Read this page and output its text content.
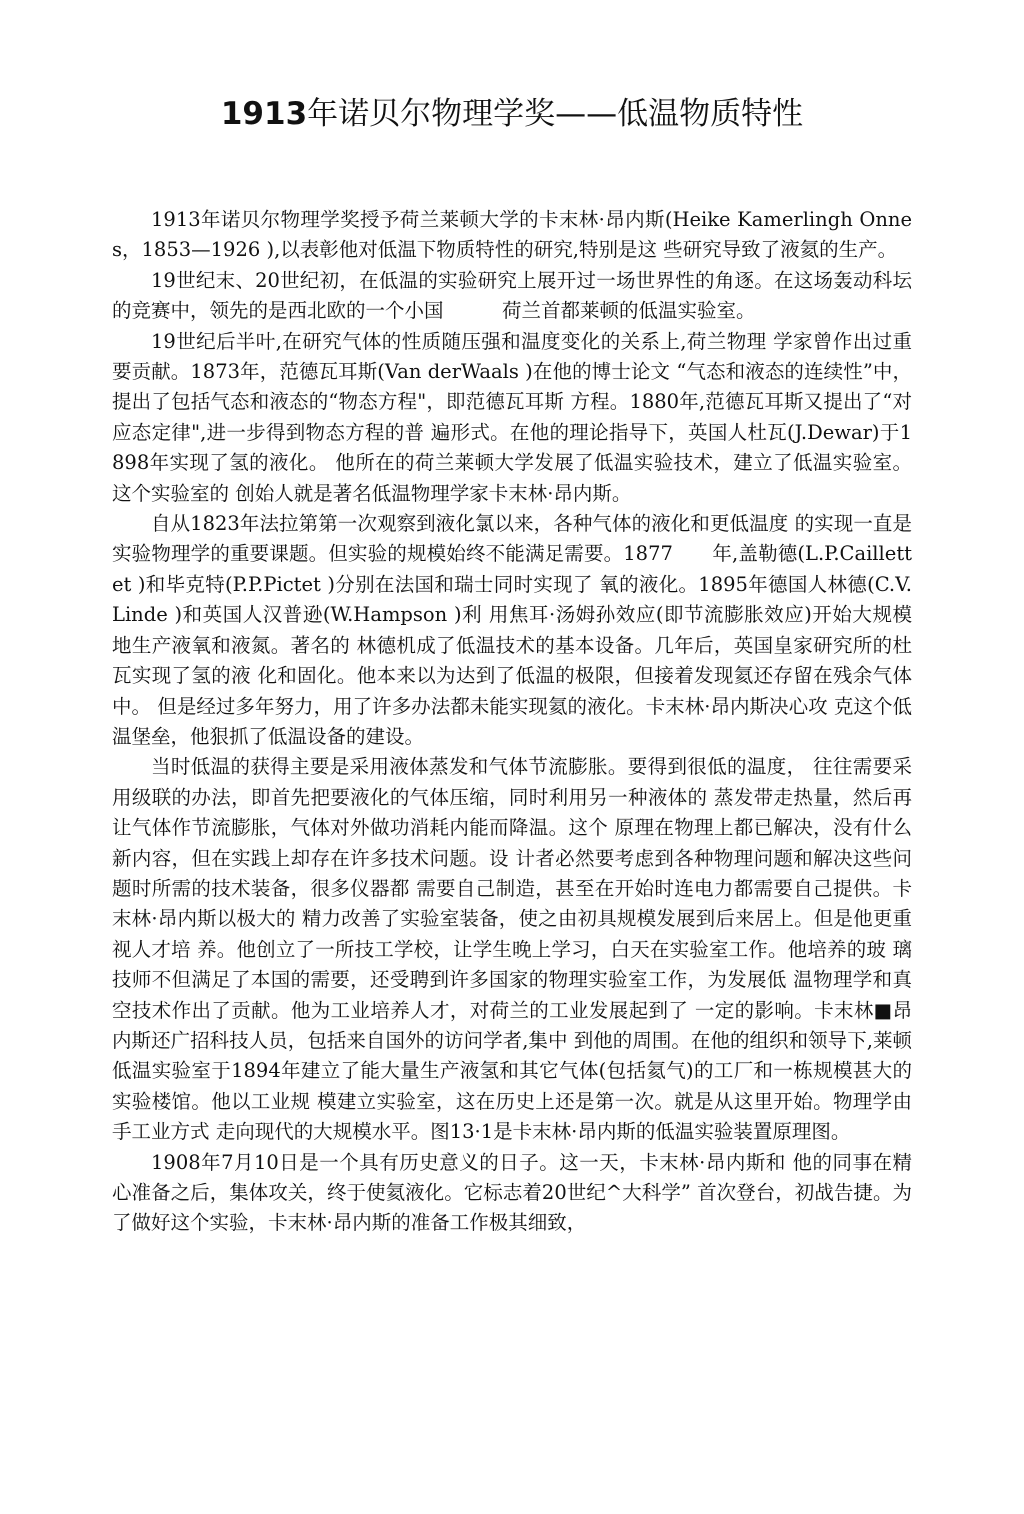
1913年诺贝尔物理学奖——低温物质特性

1913年诺贝尔物理学奖授予荷兰莱顿大学的卡末林·昂内斯(Heike Kamerlingh Onnes，1853—1926 ),以表彰他对低温下物质特性的研究,特别是这 些研究导致了液氦的生产。

19世纪末、20世纪初，在低温的实验研究上展开过一场世界性的角逐。在这场轰动科坛的竞赛中，领先的是西北欧的一个小国　　　荷兰首都莱顿的低温实验室。

19世纪后半叶,在研究气体的性质随压强和温度变化的关系上,荷兰物理 学家曾作出过重要贡献。1873年，范德瓦耳斯(Van derWaals )在他的博士论文 “气态和液态的连续性”中，提出了包括气态和液态的“物态方程"，即范德瓦耳斯 方程。1880年,范德瓦耳斯又提出了“对应态定律",进一步得到物态方程的普 遍形式。在他的理论指导下，英国人杜瓦(J.Dewar)于1898年实现了氢的液化。 他所在的荷兰莱顿大学发展了低温实验技术，建立了低温实验室。这个实验室的 创始人就是著名低温物理学家卡末林·昂内斯。

自从1823年法拉第第一次观察到液化氯以来，各种气体的液化和更低温度 的实现一直是实验物理学的重要课题。但实验的规模始终不能满足需要。1877　　年,盖勒德(L.P.Caillettet )和毕克特(P.P.Pictet )分别在法国和瑞士同时实现了 氧的液化。1895年德国人林德(C.V.Linde )和英国人汉普逊(W.Hampson )利 用焦耳·汤姆孙效应(即节流膨胀效应)开始大规模地生产液氧和液氮。著名的 林德机成了低温技术的基本设备。几年后，英国皇家研究所的杜瓦实现了氢的液 化和固化。他本来以为达到了低温的极限，但接着发现氦还存留在残余气体中。 但是经过多年努力，用了许多办法都未能实现氦的液化。卡末林·昂内斯决心攻 克这个低温堡垒，他狠抓了低温设备的建设。

当时低温的获得主要是采用液体蒸发和气体节流膨胀。要得到很低的温度， 往往需要采用级联的办法，即首先把要液化的气体压缩，同时利用另一种液体的 蒸发带走热量，然后再让气体作节流膨胀，气体对外做功消耗内能而降温。这个 原理在物理上都已解决，没有什么新内容，但在实践上却存在许多技术问题。设 计者必然要考虑到各种物理问题和解决这些问题时所需的技术装备，很多仪器都 需要自己制造，甚至在开始时连电力都需要自己提供。卡末林·昂内斯以极大的 精力改善了实验室装备，使之由初具规模发展到后来居上。但是他更重视人才培 养。他创立了一所技工学校，让学生晚上学习，白天在实验室工作。他培养的玻 璃技师不但满足了本国的需要，还受聘到许多国家的物理实验室工作，为发展低 温物理学和真空技术作出了贡献。他为工业培养人才，对荷兰的工业发展起到了 一定的影响。卡末林■昂内斯还广招科技人员，包括来自国外的访问学者,集中 到他的周围。在他的组织和领导下,莱顿低温实验室于1894年建立了能大量生产液氢和其它气体(包括氦气)的工厂和一栋规模甚大的实验楼馆。他以工业规 模建立实验室，这在历史上还是第一次。就是从这里开始。物理学由手工业方式 走向现代的大规模水平。图13·1是卡末林·昂内斯的低温实验装置原理图。

1908年7月10日是一个具有历史意义的日子。这一天，卡末林·昂内斯和 他的同事在精心准备之后，集体攻关，终于使氦液化。它标志着20世纪^大科学” 首次登台，初战告捷。为了做好这个实验，卡末林·昂内斯的准备工作极其细致，
